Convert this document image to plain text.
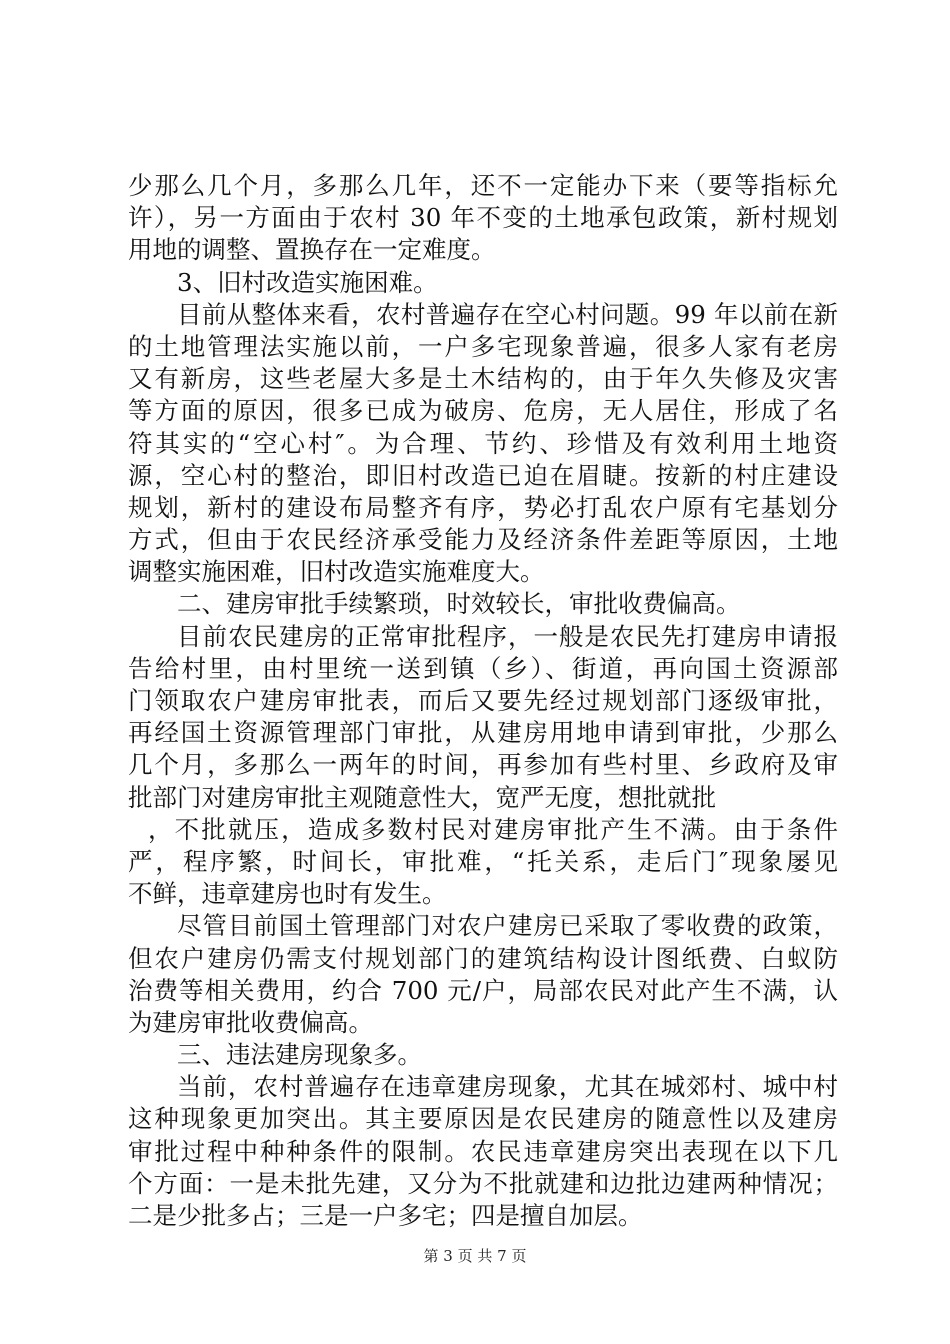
少那么几个月，多那么几年，还不一定能办下来（要等指标允
许），另一方面由于农村 30 年不变的土地承包政策，新村规划
用地的调整、置换存在一定难度。
3、旧村改造实施困难。
目前从整体来看，农村普遍存在空心村问题。99 年以前在新
的土地管理法实施以前，一户多宅现象普遍，很多人家有老房
又有新房，这些老屋大多是土木结构的，由于年久失修及灾害
等方面的原因，很多已成为破房、危房，无人居住，形成了名
符其实的“空心村″。为合理、节约、珍惜及有效利用土地资
源，空心村的整治，即旧村改造已迫在眉睫。按新的村庄建设
规划，新村的建设布局整齐有序，势必打乱农户原有宅基划分
方式，但由于农民经济承受能力及经济条件差距等原因，土地
调整实施困难，旧村改造实施难度大。
二、建房审批手续繁琐，时效较长，审批收费偏高。
目前农民建房的正常审批程序，一般是农民先打建房申请报
告给村里，由村里统一送到镇（乡）、街道，再向国土资源部
门领取农户建房审批表，而后又要先经过规划部门逐级审批，
再经国土资源管理部门审批，从建房用地申请到审批，少那么
几个月，多那么一两年的时间，再参加有些村里、乡政府及审
批部门对建房审批主观随意性大，宽严无度，想批就批
，不批就压，造成多数村民对建房审批产生不满。由于条件
严，程序繁，时间长，审批难，“托关系，走后门″现象屡见
不鲜，违章建房也时有发生。
尽管目前国土管理部门对农户建房已采取了零收费的政策，
但农户建房仍需支付规划部门的建筑结构设计图纸费、白蚁防
治费等相关费用，约合 700 元/户，局部农民对此产生不满，认
为建房审批收费偏高。
三、违法建房现象多。
当前，农村普遍存在违章建房现象，尤其在城郊村、城中村
这种现象更加突出。其主要原因是农民建房的随意性以及建房
审批过程中种种条件的限制。农民违章建房突出表现在以下几
个方面：一是未批先建，又分为不批就建和边批边建两种情况；
二是少批多占；三是一户多宅；四是擅自加层。
第 3 页 共 7 页
